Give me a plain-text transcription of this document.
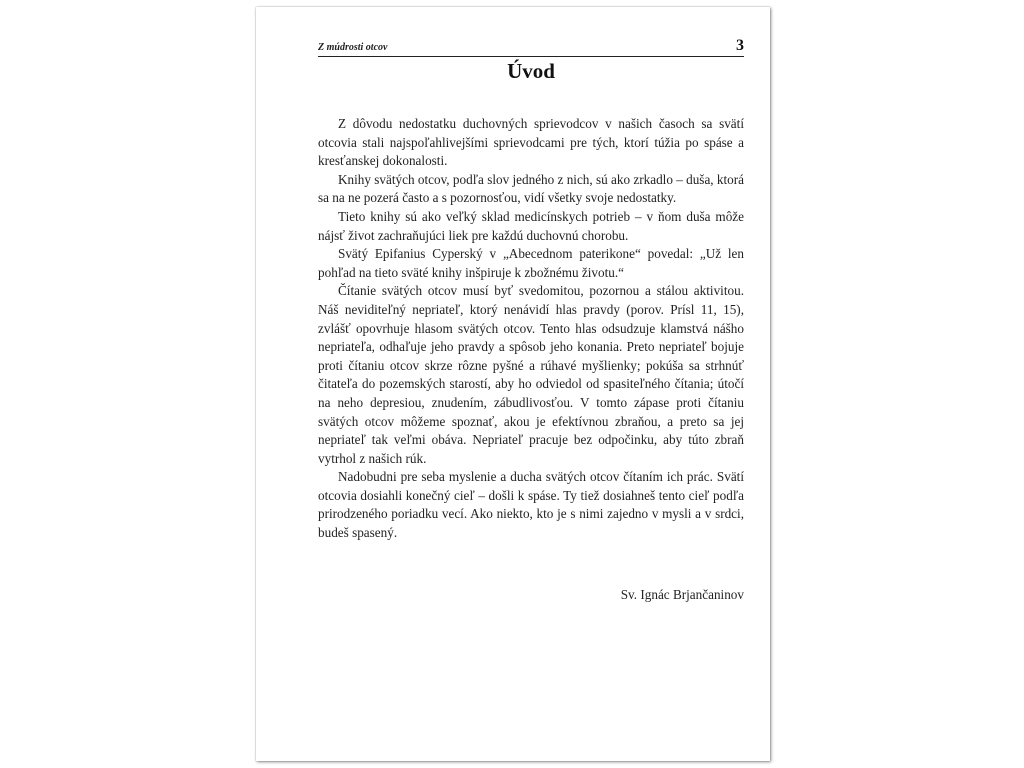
Z múdrosti otcov	3
Úvod

Z dôvodu nedostatku duchovných sprievodcov v našich časoch sa svätí otcovia stali najspoľahlivejšími sprievodcami pre tých, ktorí túžia po spáse a kresťanskej dokonalosti.

Knihy svätých otcov, podľa slov jedného z nich, sú ako zrkadlo – duša, ktorá sa na ne pozerá často a s pozornosťou, vidí všetky svoje nedostatky.

Tieto knihy sú ako veľký sklad medicínskych potrieb – v ňom duša môže nájsť život zachraňujúci liek pre každú duchovnú chorobu.

Svätý Epifanius Cyperský v „Abecednom paterikone“ povedal: „Už len pohľad na tieto sväté knihy inšpiruje k zbožnému životu.“

Čítanie svätých otcov musí byť svedomitou, pozornou a stálou aktivitou. Náš neviditeľný nepriateľ, ktorý nenávidí hlas pravdy (porov. Prísl 11, 15), zvlášť opovrhuje hlasom svätých otcov. Tento hlas odsudzuje klamstvá nášho nepriateľa, odhaľuje jeho pravdy a spôsob jeho konania. Preto nepriateľ bojuje proti čítaniu otcov skrze rôzne pyšné a rúhavé myšlienky; pokúša sa strhnúť čitateľa do pozemských starostí, aby ho odviedol od spasiteľného čítania; útočí na neho depresiou, znudením, zábudlivosťou. V tomto zápase proti čítaniu svätých otcov môžeme spoznať, akou je efektívnou zbraňou, a preto sa jej nepriateľ tak veľmi obáva. Nepriateľ pracuje bez odpočinku, aby túto zbraň vytrhol z našich rúk.

Nadobudni pre seba myslenie a ducha svätých otcov čítaním ich prác. Svätí otcovia dosiahli konečný cieľ – došli k spáse. Ty tiež dosiahneš tento cieľ podľa prirodzeného poriadku vecí. Ako niekto, kto je s nimi zajedno v mysli a v srdci, budeš spasený.

Sv. Ignác Brjančaninov
